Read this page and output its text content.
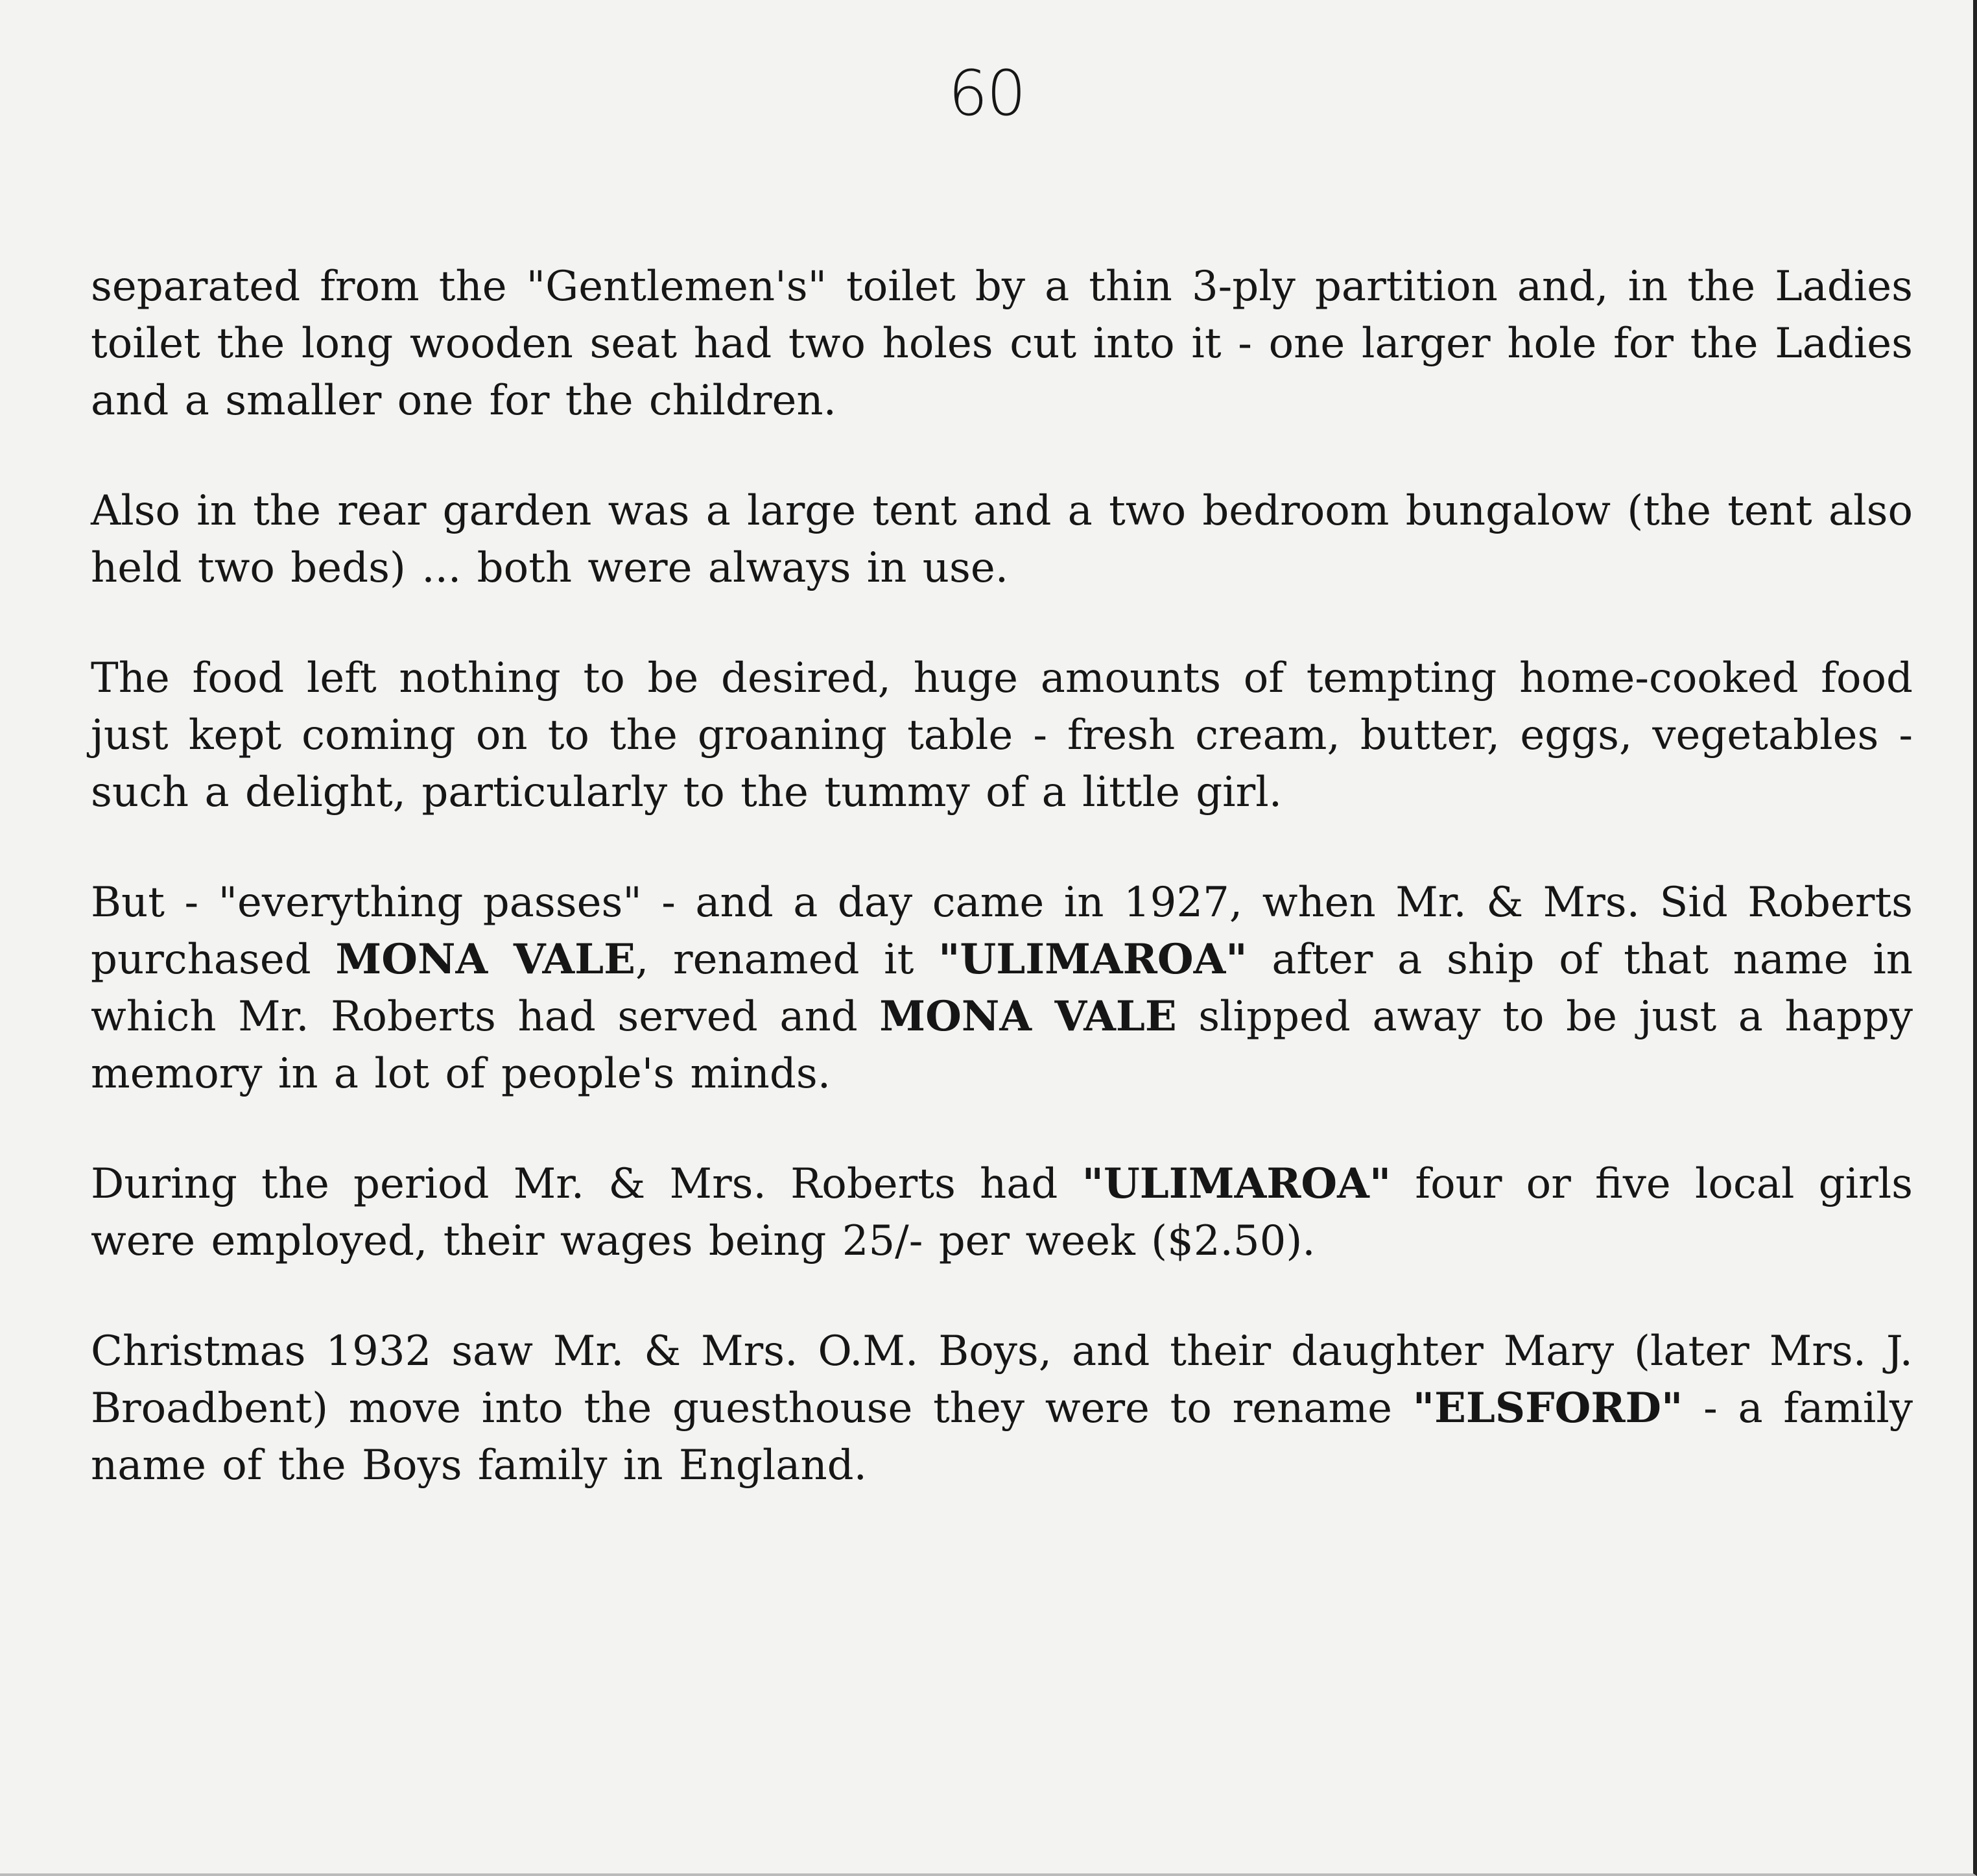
60

separated from the "Gentlemen's" toilet by a thin 3-ply partition and, in the Ladies toilet the long wooden seat had two holes cut into it - one larger hole for the Ladies and a smaller one for the children.

Also in the rear garden was a large tent and a two bedroom bungalow (the tent also held two beds) ... both were always in use.

The food left nothing to be desired, huge amounts of tempting home-cooked food just kept coming on to the groaning table - fresh cream, butter, eggs, vegetables - such a delight, particularly to the tummy of a little girl.

But - "everything passes" - and a day came in 1927, when Mr. & Mrs. Sid Roberts purchased MONA VALE, renamed it "ULIMAROA" after a ship of that name in which Mr. Roberts had served and MONA VALE slipped away to be just a happy memory in a lot of people's minds.

During the period Mr. & Mrs. Roberts had "ULIMAROA" four or five local girls were employed, their wages being 25/- per week ($2.50).

Christmas 1932 saw Mr. & Mrs. O.M. Boys, and their daughter Mary (later Mrs. J. Broadbent) move into the guesthouse they were to rename "ELSFORD" - a family name of the Boys family in England.
